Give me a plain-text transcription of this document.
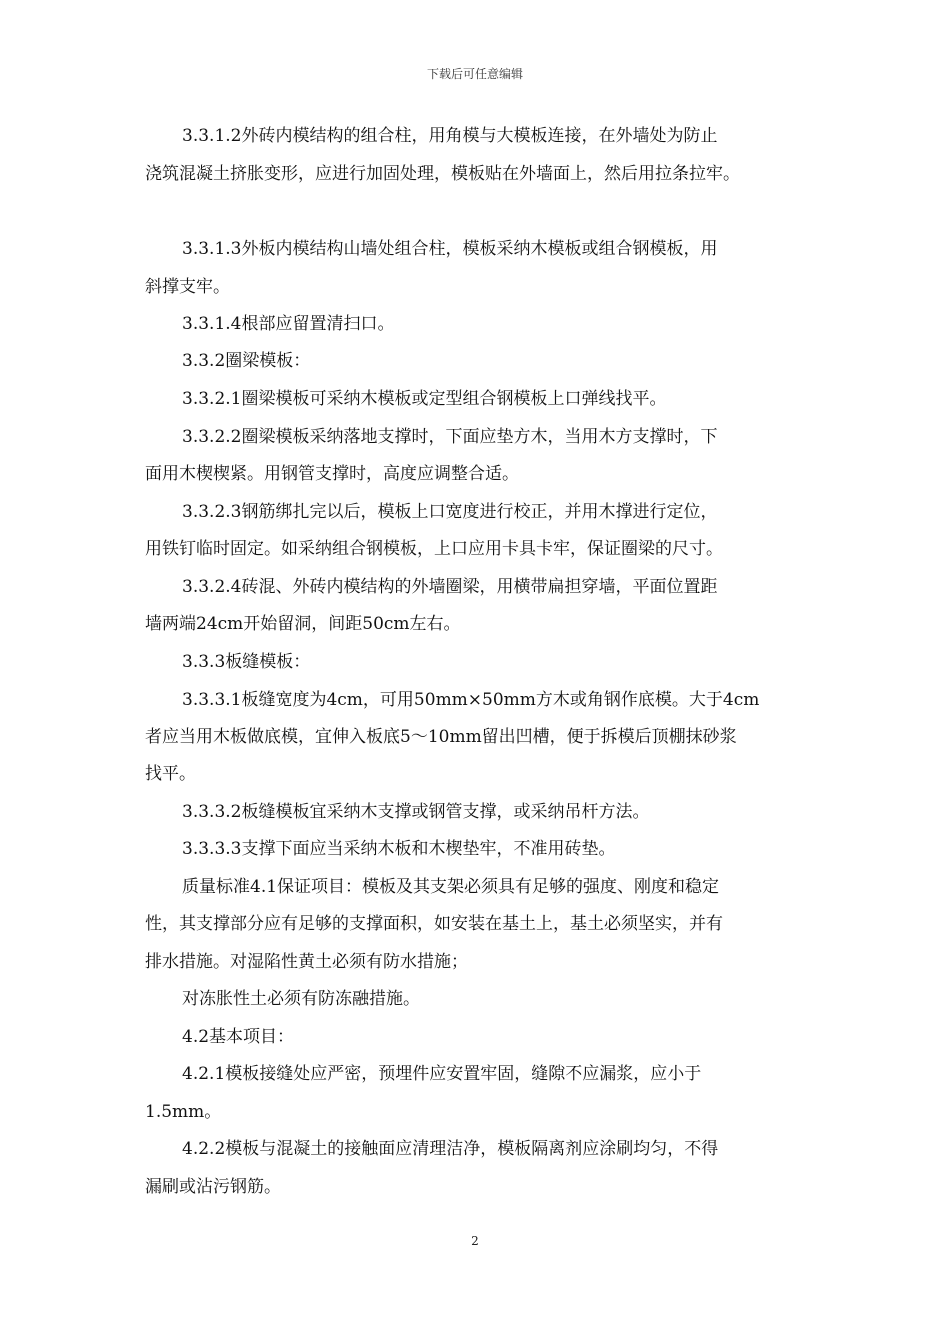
下载后可任意编辑
3.3.1.2外砖内模结构的组合柱，用角模与大模板连接，在外墙处为防止
浇筑混凝土挤胀变形，应进行加固处理，模板贴在外墙面上，然后用拉条拉牢。
3.3.1.3外板内模结构山墙处组合柱，模板采纳木模板或组合钢模板，用
斜撑支牢。
3.3.1.4根部应留置清扫口。
3.3.2圈梁模板：
3.3.2.1圈梁模板可采纳木模板或定型组合钢模板上口弹线找平。
3.3.2.2圈梁模板采纳落地支撑时，下面应垫方木，当用木方支撑时，下
面用木楔楔紧。用钢管支撑时，高度应调整合适。
3.3.2.3钢筋绑扎完以后，模板上口宽度进行校正，并用木撑进行定位，
用铁钉临时固定。如采纳组合钢模板，上口应用卡具卡牢，保证圈梁的尺寸。
3.3.2.4砖混、外砖内模结构的外墙圈梁，用横带扁担穿墙，平面位置距
墙两端24cm开始留洞，间距50cm左右。
3.3.3板缝模板：
3.3.3.1板缝宽度为4cm，可用50mm×50mm方木或角钢作底模。大于4cm
者应当用木板做底模，宜伸入板底5～10mm留出凹槽，便于拆模后顶棚抹砂浆
找平。
3.3.3.2板缝模板宜采纳木支撑或钢管支撑，或采纳吊杆方法。
3.3.3.3支撑下面应当采纳木板和木楔垫牢，不准用砖垫。
质量标准4.1保证项目：模板及其支架必须具有足够的强度、刚度和稳定
性，其支撑部分应有足够的支撑面积，如安装在基土上，基土必须坚实，并有
排水措施。对湿陷性黄土必须有防水措施；
对冻胀性土必须有防冻融措施。
4.2基本项目：
4.2.1模板接缝处应严密，预埋件应安置牢固，缝隙不应漏浆，应小于
1.5mm。
4.2.2模板与混凝土的接触面应清理洁净，模板隔离剂应涂刷均匀，不得
漏刷或沾污钢筋。
2
